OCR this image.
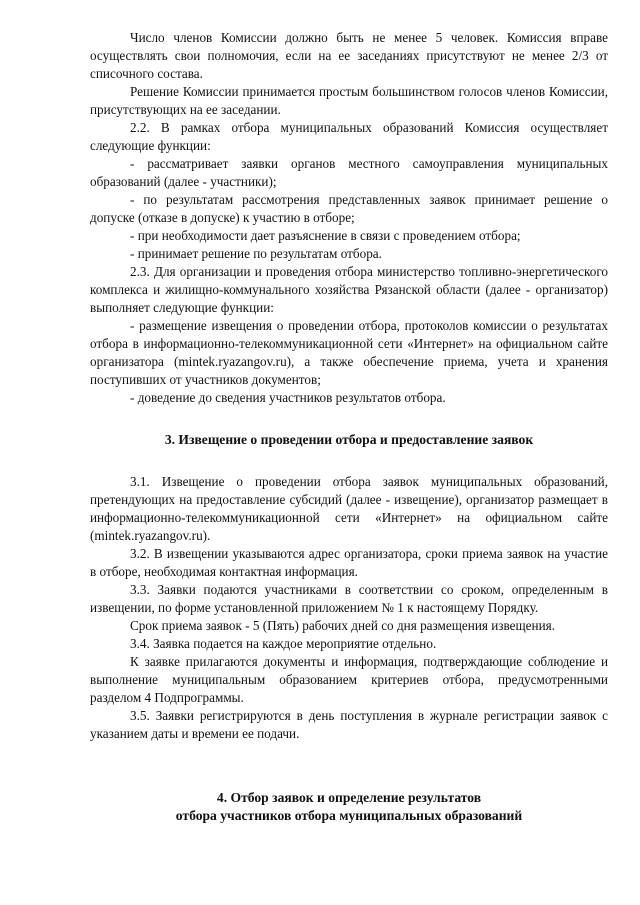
Число членов Комиссии должно быть не менее 5 человек. Комиссия вправе осуществлять свои полномочия, если на ее заседаниях присутствуют не менее 2/3 от списочного состава.

Решение Комиссии принимается простым большинством голосов членов Комиссии, присутствующих на ее заседании.

2.2. В рамках отбора муниципальных образований Комиссия осуществляет следующие функции:

- рассматривает заявки органов местного самоуправления муниципальных образований (далее - участники);

- по результатам рассмотрения представленных заявок принимает решение о допуске (отказе в допуске) к участию в отборе;

- при необходимости дает разъяснение в связи с проведением отбора;

- принимает решение по результатам отбора.

2.3. Для организации и проведения отбора министерство топливно-энергетического комплекса и жилищно-коммунального хозяйства Рязанской области (далее - организатор) выполняет следующие функции:

- размещение извещения о проведении отбора, протоколов комиссии о результатах отбора в информационно-телекоммуникационной сети «Интернет» на официальном сайте организатора (mintek.ryazangov.ru), а также обеспечение приема, учета и хранения поступивших от участников документов;

- доведение до сведения участников результатов отбора.

3. Извещение о проведении отбора и предоставление заявок

3.1. Извещение о проведении отбора заявок муниципальных образований, претендующих на предоставление субсидий (далее - извещение), организатор размещает в информационно-телекоммуникационной сети «Интернет» на официальном сайте (mintek.ryazangov.ru).

3.2. В извещении указываются адрес организатора, сроки приема заявок на участие в отборе, необходимая контактная информация.

3.3. Заявки подаются участниками в соответствии со сроком, определенным в извещении, по форме установленной приложением № 1 к настоящему Порядку.

Срок приема заявок - 5 (Пять) рабочих дней со дня размещения извещения.

3.4. Заявка подается на каждое мероприятие отдельно.

К заявке прилагаются документы и информация, подтверждающие соблюдение и выполнение муниципальным образованием критериев отбора, предусмотренными разделом 4 Подпрограммы.

3.5. Заявки регистрируются в день поступления в журнале регистрации заявок с указанием даты и времени ее подачи.

4. Отбор заявок и определение результатов
отбора участников отбора муниципальных образований
